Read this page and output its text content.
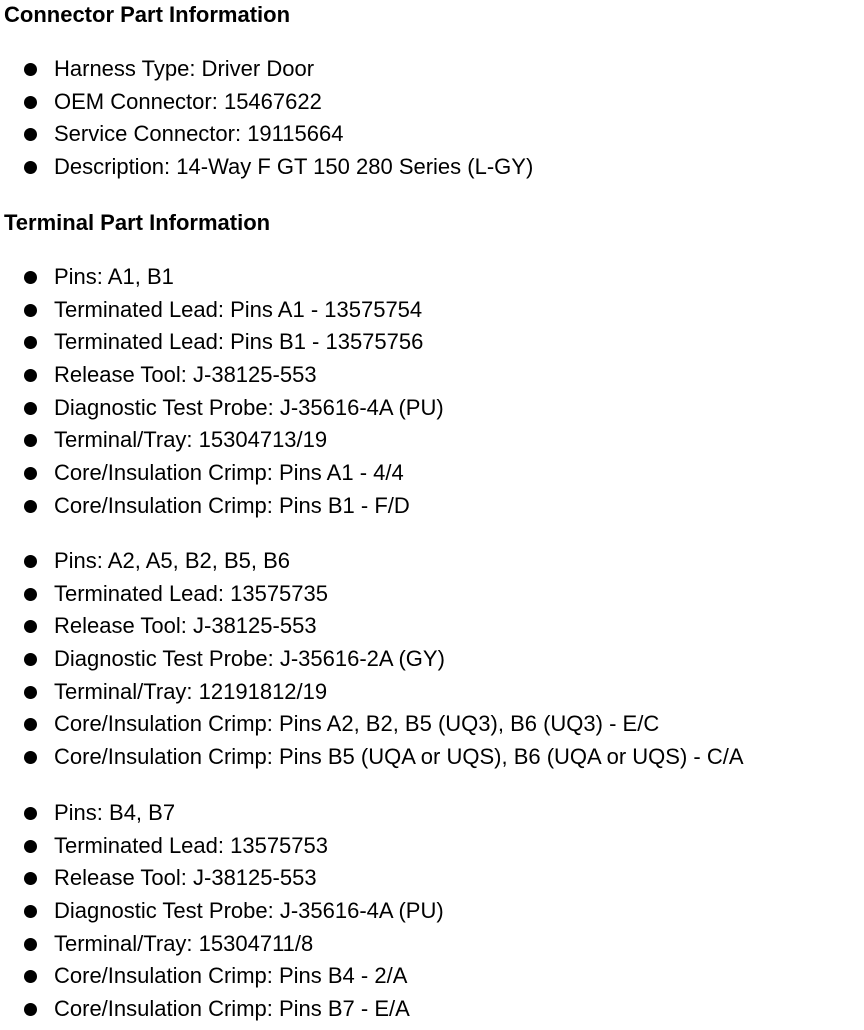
Connector Part Information
Harness Type: Driver Door
OEM Connector: 15467622
Service Connector: 19115664
Description: 14-Way F GT 150 280 Series (L-GY)
Terminal Part Information
Pins: A1, B1
Terminated Lead: Pins A1 - 13575754
Terminated Lead: Pins B1 - 13575756
Release Tool: J-38125-553
Diagnostic Test Probe: J-35616-4A (PU)
Terminal/Tray: 15304713/19
Core/Insulation Crimp: Pins A1 - 4/4
Core/Insulation Crimp: Pins B1 - F/D
Pins: A2, A5, B2, B5, B6
Terminated Lead: 13575735
Release Tool: J-38125-553
Diagnostic Test Probe: J-35616-2A (GY)
Terminal/Tray: 12191812/19
Core/Insulation Crimp: Pins A2, B2, B5 (UQ3), B6 (UQ3) - E/C
Core/Insulation Crimp: Pins B5 (UQA or UQS), B6 (UQA or UQS) - C/A
Pins: B4, B7
Terminated Lead: 13575753
Release Tool: J-38125-553
Diagnostic Test Probe: J-35616-4A (PU)
Terminal/Tray: 15304711/8
Core/Insulation Crimp: Pins B4 - 2/A
Core/Insulation Crimp: Pins B7 - E/A
